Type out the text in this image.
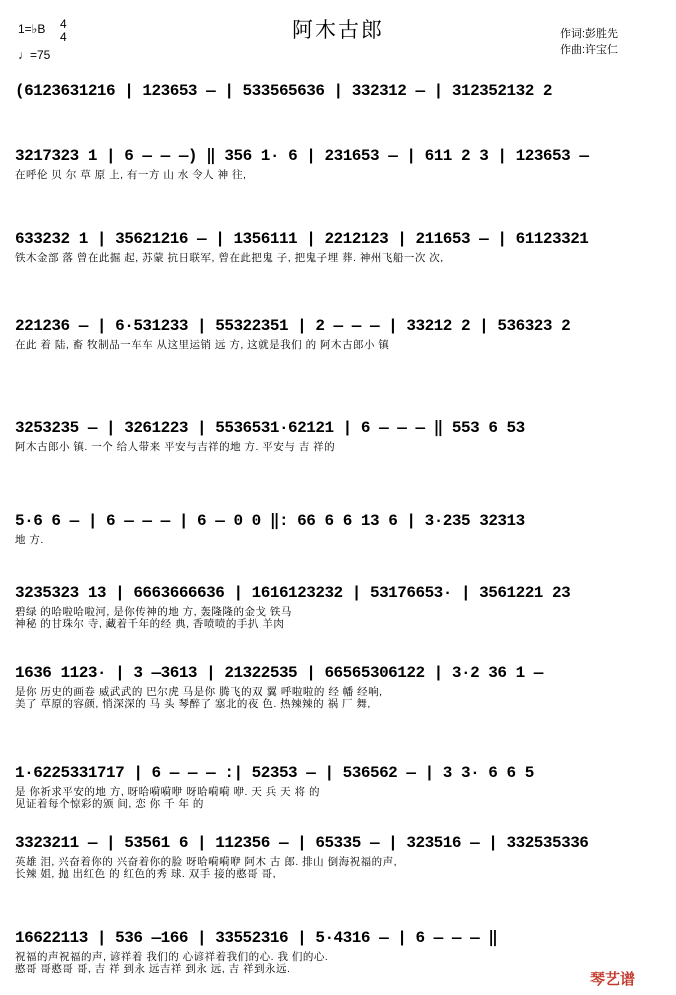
1=♭B 4
4
♩=75
阿木古郎	作词:彭胜先
作曲:许宝仁
(6123631216 | 123653 — | 533565636 | 332312 — | 312352132 2
3217323 1 | 6 — — —) ‖ 356 1· 6 | 231653 — | 611 2 3 | 123653 —
在呼伦 贝 尔 草 原 上, 有一方 山 水 令人 神 往,
633232 1 | 35621216 — | 1356111 | 2212123 | 211653 — | 61123321
铁木金部 落 曾在此掘 起, 苏蒙 抗日联军, 曾在此把鬼 子, 把鬼子埋 葬. 神州飞船一次 次,
221236 — | 6·531233 | 55322351 | 2 — — — | 33212 2 | 536323 2
在此 着 陆, 畜 牧制品一车车 从这里运销 远 方, 这就是我们 的 阿木古郎小 镇
3253235 — | 3261223 | 5536531·62121 | 6 — — — ‖ 553 6 53
阿木古郎小 镇. 一个 给人带来 平安与吉祥的地 方. 平安与 吉 祥的
5·6 6 — | 6 — — — | 6 — 0 0 ‖: 66 6 6 13 6 | 3·235 32313
地 方.
3235323 13 | 6663666636 | 1616123232 | 53176653· | 3561221 23
碧绿 的哈啦哈啦河, 是你传神的地 方, 轰隆隆的金戈 铁马
神秘 的甘珠尔 寺, 藏着千年的经 典, 香喷喷的手扒 羊肉
1636 1123· | 3 —3613 | 21322535 | 66565306122 | 3·2 36 1 —
是你 历史的画卷 威武武的 巴尔虎 马是你 腾飞的双 翼 呼啦啦的 经 幡 经响,
美了 草原的容颜, 悄深深的 马 头 琴醉了 塞北的夜 色. 热辣辣的 祸 厂 舞,
1·6225331717 | 6 — — — :| 52353 — | 536562 — | 3 3· 6 6 5
是 你祈求平安的地 方, 呀哈嗬嗬咿 呀哈嗬嗬 咿. 天 兵 天 将 的
见证着每个惊彩的颁 间, 恋 你 千 年 的
3323211 — | 53561 6 | 112356 — | 65335 — | 323516 — | 332535336
英雄 泪, 兴奋着你的 兴奋着你的脸 呀哈嗬嗬咿 阿木 古 郎. 排山 倒海祝福的声,
长辣 姐, 抛 出红色 的 红色的秀 球. 双手 接的憨哥 哥,
16622113 | 536 —166 | 33552316 | 5·4316 — | 6 — — — ‖
祝福的声祝福的声, 谚祥着 我们的 心谚祥着我们的心. 我 们的心.
憨哥 哥憨哥 哥, 吉 祥 到永 远吉祥 到永 远, 吉 祥到永远.
琴艺谱
